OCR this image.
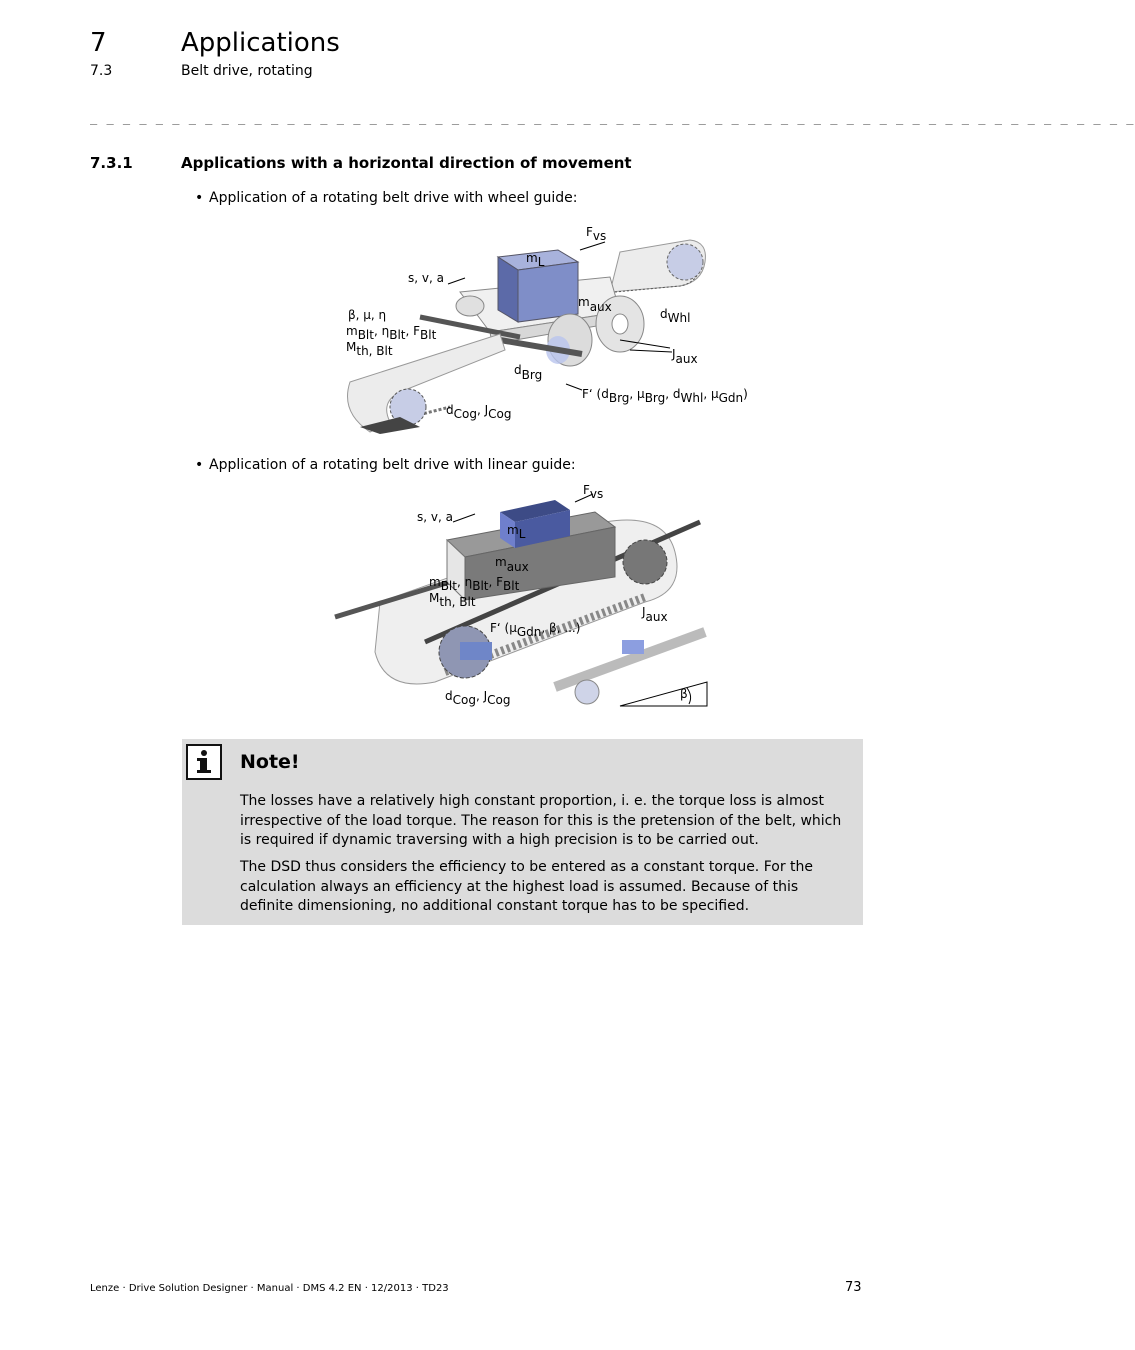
7	Applications
7.3	Belt drive, rotating
_ _ _ _ _ _ _ _ _ _ _ _ _ _ _ _ _ _ _ _ _ _ _ _ _ _ _ _ _ _ _ _ _ _ _ _ _ _ _ _ _ _ _ _ _ _ _ _ _ _ _ _ _ _ _ _ _ _ _ _ _ _ _ _
7.3.1	Applications with a horizontal direction of movement
• Application of a rotating belt drive with wheel guide:
Fvs
mL
s, v, a
maux
β, μ, η
mBlt, ηBlt, FBlt
Mth, Blt
dWhl
Jaux
dBrg
F‘ (dBrg, μBrg, dWhl, μGdn)
dCog, JCog
• Application of a rotating belt drive with linear guide:
Fvs
s, v, a
mL
maux
mBlt, ηBlt, FBlt
Mth, Blt
Jaux
F‘ (μGdn, β, ...)
dCog, JCog	β
Note!
The losses have a relatively high constant proportion, i. e. the torque loss is almost irrespective of the load torque. The reason for this is the pretension of the belt, which is required if dynamic traversing with a high precision is to be carried out.
The DSD thus considers the efficiency to be entered as a constant torque. For the calculation always an efficiency at the highest load is assumed. Because of this definite dimensioning, no additional constant torque has to be specified.
Lenze · Drive Solution Designer · Manual · DMS 4.2 EN · 12/2013 · TD23	73
